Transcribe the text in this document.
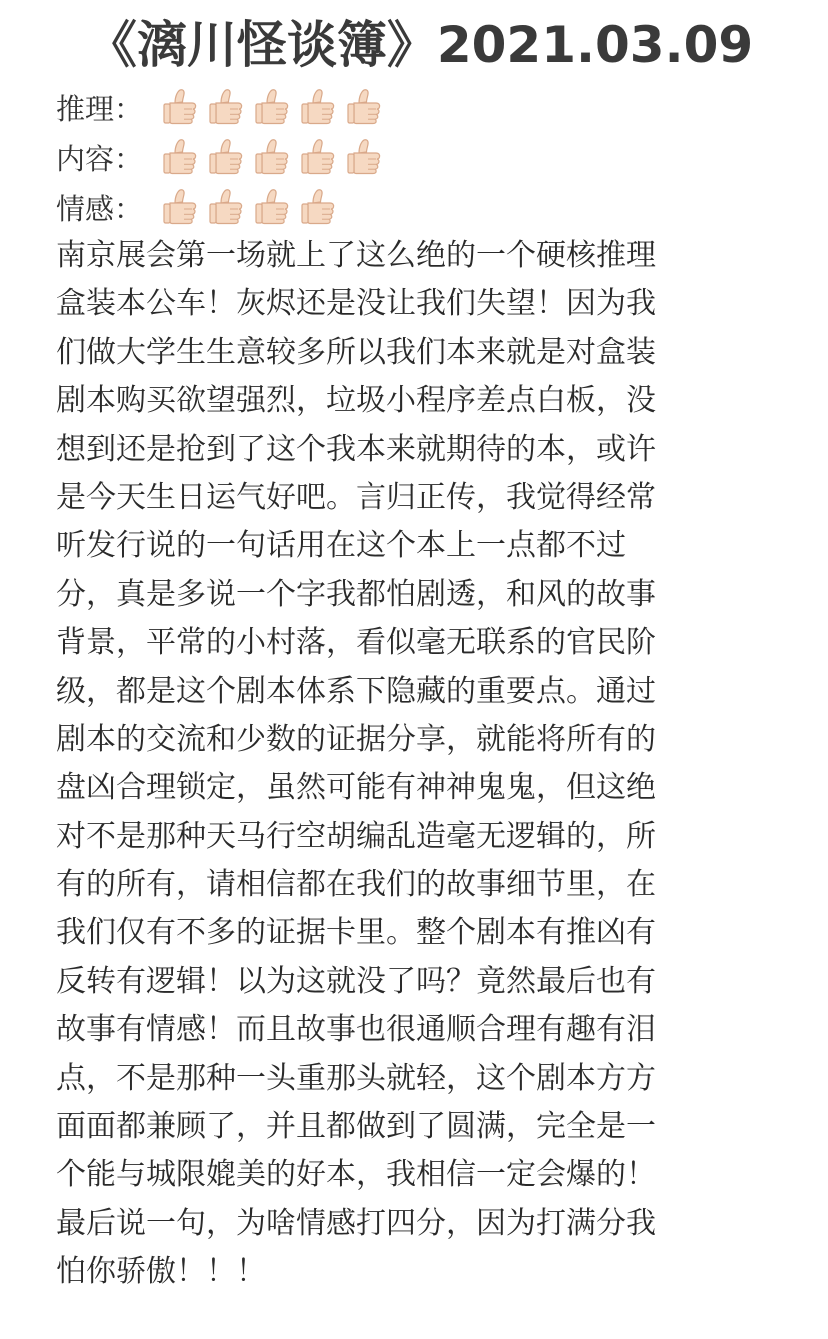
《漓川怪谈簿》2021.03.09
推理：
内容：
情感：
南京展会第一场就上了这么绝的一个硬核推理
盒装本公车！灰烬还是没让我们失望！因为我
们做大学生生意较多所以我们本来就是对盒装
剧本购买欲望强烈，垃圾小程序差点白板，没
想到还是抢到了这个我本来就期待的本，或许
是今天生日运气好吧。言归正传，我觉得经常
听发行说的一句话用在这个本上一点都不过
分，真是多说一个字我都怕剧透，和风的故事
背景，平常的小村落，看似毫无联系的官民阶
级，都是这个剧本体系下隐藏的重要点。通过
剧本的交流和少数的证据分享，就能将所有的
盘凶合理锁定，虽然可能有神神鬼鬼，但这绝
对不是那种天马行空胡编乱造毫无逻辑的，所
有的所有，请相信都在我们的故事细节里，在
我们仅有不多的证据卡里。整个剧本有推凶有
反转有逻辑！以为这就没了吗？竟然最后也有
故事有情感！而且故事也很通顺合理有趣有泪
点，不是那种一头重那头就轻，这个剧本方方
面面都兼顾了，并且都做到了圆满，完全是一
个能与城限媲美的好本，我相信一定会爆的！
最后说一句，为啥情感打四分，因为打满分我
怕你骄傲！！！
